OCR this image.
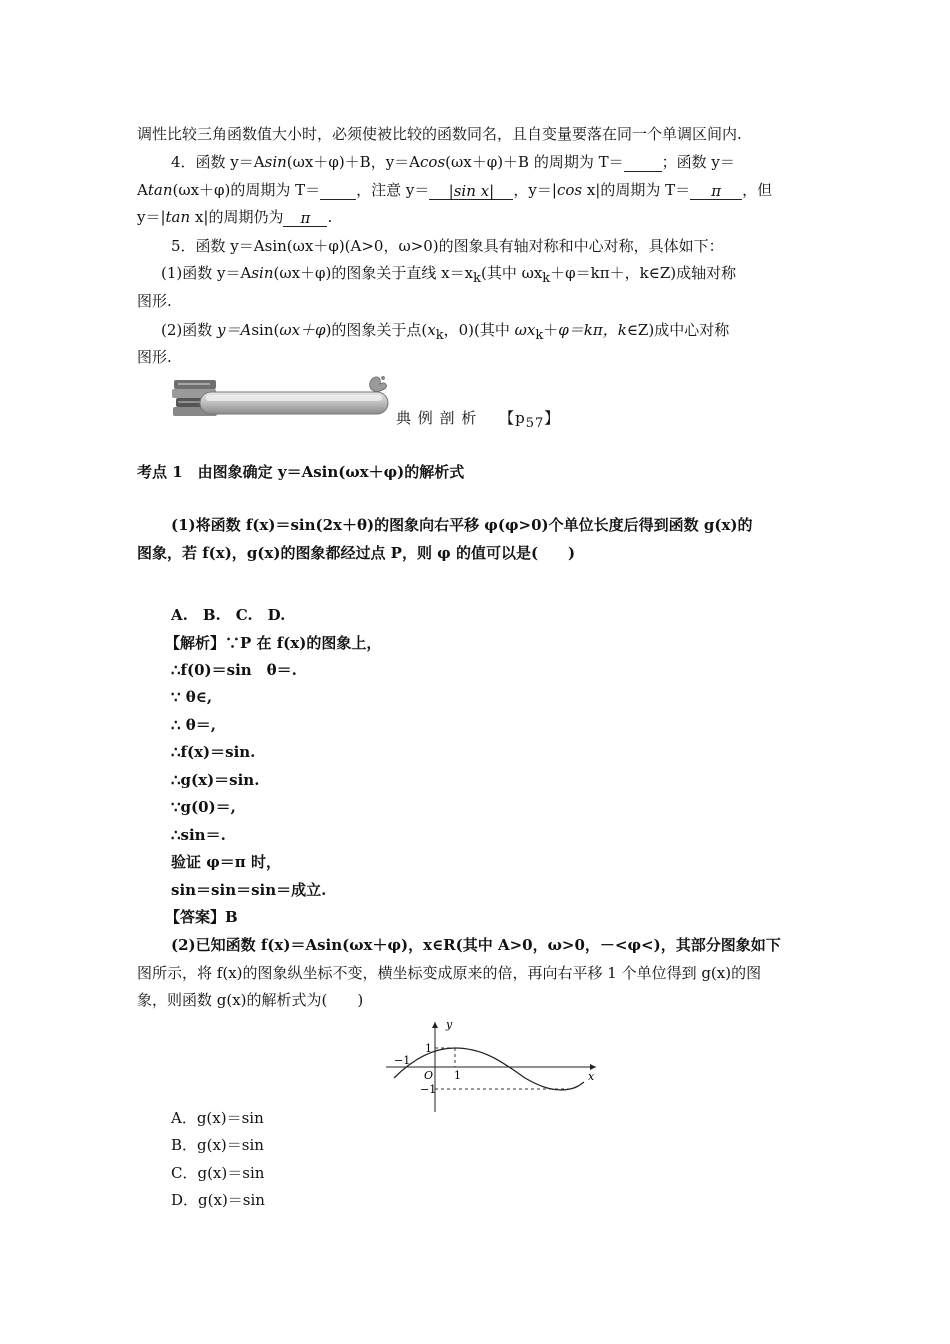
调性比较三角函数值大小时，必须使被比较的函数同名，且自变量要落在同一个单调区间内.
4．函数 y＝Asin(ωx＋φ)＋B，y＝Acos(ωx＋φ)＋B 的周期为 T＝	；函数 y＝
Atan(ωx＋φ)的周期为 T＝ ，注意 y＝ |sin x| ，y＝|cos x|的周期为 T＝ π ，但
y＝|tan x|的周期仍为 π .
5．函数 y＝Asin(ωx＋φ)(A>0，ω>0)的图象具有轴对称和中心对称，具体如下：
(1)函数 y＝Asin(ωx＋φ)的图象关于直线 $x=x_k$(其中 $\omega x_k+\varphi=k\pi+$，k∈Z)成轴对称
图形.
(2)函数 y＝Asin(ωx＋φ)的图象关于点($x_k$，0)(其中 $\omega x_k+\varphi=k\pi$，k∈Z)成中心对称
图形.
典 例 剖 析　 【$p_{57}$】
考点 1　由图象确定 y＝Asin(ωx＋φ)的解析式
(1)将函数 f(x)＝sin(2x＋θ)的图象向右平移 φ(φ>0)个单位长度后得到函数 g(x)的
图象，若 f(x)，g(x)的图象都经过点 P，则 φ 的值可以是(　　)
A.　B.　C.　D.
【解析】∵P 在 f(x)的图象上，
∴f(0)＝sin　θ＝.
∵ θ∈,
∴ θ＝,
∴f(x)＝sin.
∴g(x)＝sin.
∵g(0)＝,
∴sin＝.
验证 φ＝π 时，
sin＝sin＝sin＝成立.
【答案】B
(2)已知函数 f(x)＝Asin(ωx＋φ)，x∈R(其中 A>0，ω>0，－<φ<)，其部分图象如下
图所示，将 f(x)的图象纵坐标不变，横坐标变成原来的倍，再向右平移 1 个单位得到 g(x)的图
象，则函数 g(x)的解析式为(　　)
y
x
1
−1
O 1
−1
A．g(x)＝sin
B．g(x)＝sin
C．g(x)＝sin
D．g(x)＝sin
